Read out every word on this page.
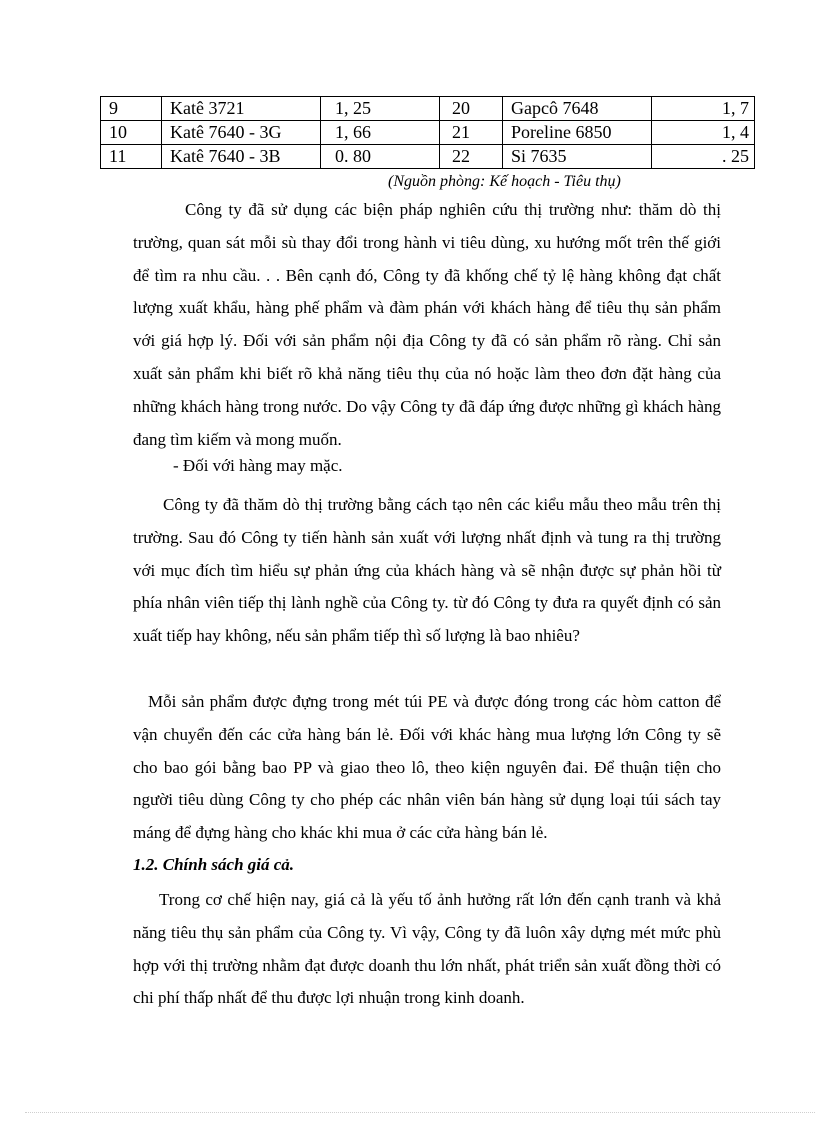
9	Katê 3721	1, 25	20	Gapcô 7648	1, 7
10	Katê 7640 - 3G	1, 66	21	Poreline 6850	1, 4
11	Katê 7640 - 3B	0. 80	22	Si 7635	. 25
(Nguồn phòng: Kế hoạch - Tiêu thụ)
Công ty đã sử dụng các biện pháp nghiên cứu thị trường như: thăm dò thị trường, quan sát mỗi sù thay đổi trong hành vi tiêu dùng, xu hướng mốt trên thế giới để tìm ra nhu cầu. . . Bên cạnh đó, Công ty đã khống chế tỷ lệ hàng không đạt chất lượng xuất khẩu, hàng phế phẩm và đàm phán với khách hàng để tiêu thụ sản phẩm với giá hợp lý. Đối với sản phẩm nội địa Công ty đã có sản phẩm rõ ràng. Chỉ sản xuất sản phẩm khi biết rõ khả năng tiêu thụ của nó hoặc làm theo đơn đặt hàng của những khách hàng trong nước. Do vậy Công ty đã đáp ứng được những gì khách hàng đang tìm kiếm và mong muốn.
- Đối với hàng may mặc.
Công ty đã thăm dò thị trường bằng cách tạo nên các kiểu mẫu theo mẫu trên thị trường. Sau đó Công ty tiến hành sản xuất với lượng nhất định và tung ra thị trường với mục đích tìm hiểu sự phản ứng của khách hàng và sẽ nhận được sự phản hồi từ phía nhân viên tiếp thị lành nghề của Công ty. từ đó Công ty đưa ra quyết định có sản xuất tiếp hay không, nếu sản phẩm tiếp thì số lượng là bao nhiêu?
Mỗi sản phẩm được đựng trong mét túi PE và được đóng trong các hòm catton để vận chuyển đến các cửa hàng bán lẻ. Đối với khác hàng mua lượng lớn Công ty sẽ cho bao gói bằng bao PP và giao theo lô, theo kiện nguyên đai. Để thuận tiện cho người tiêu dùng Công ty cho phép các nhân viên bán hàng sử dụng loại túi sách tay máng để đựng hàng cho khác khi mua ở các cửa hàng bán lẻ.
1.2. Chính sách giá cả.
Trong cơ chế hiện nay, giá cả là yếu tố ảnh hưởng rất lớn đến cạnh tranh và khả năng tiêu thụ sản phẩm của Công ty. Vì vậy, Công ty đã luôn xây dựng mét mức phù hợp với thị trường nhằm đạt được doanh thu lớn nhất, phát triển sản xuất đồng thời có chi phí thấp nhất để thu được lợi nhuận trong kinh doanh.
